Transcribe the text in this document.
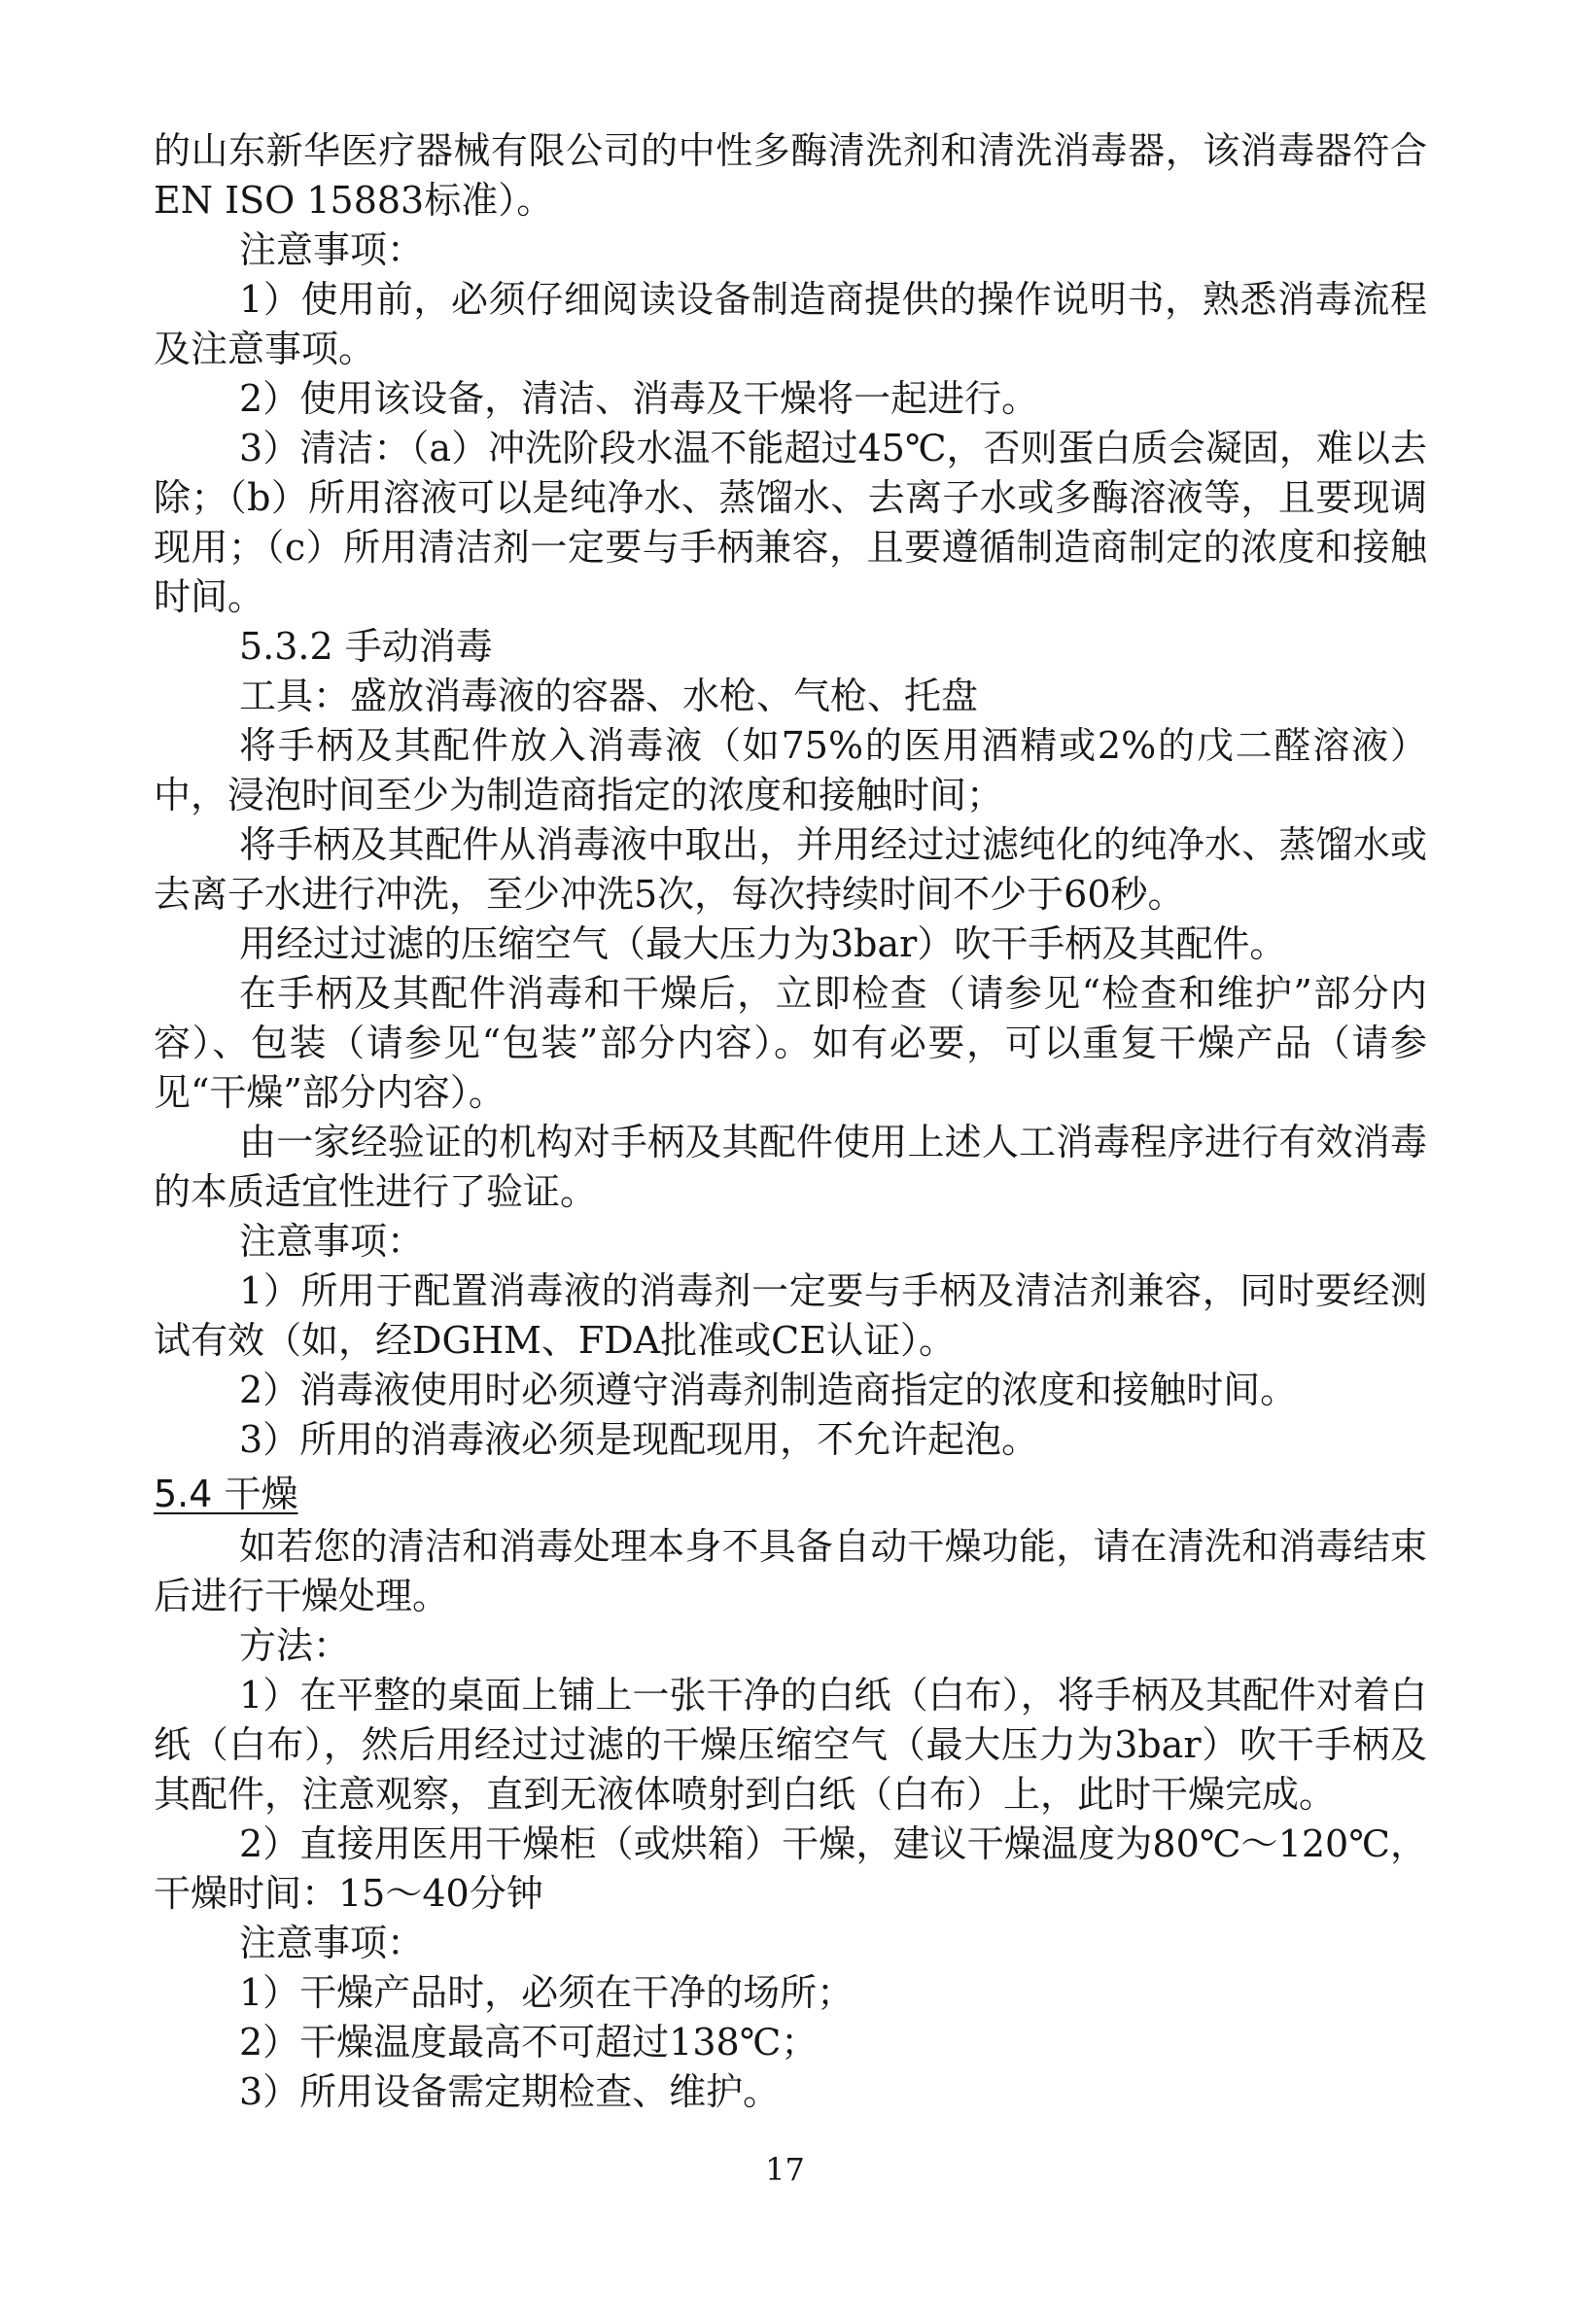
的山东新华医疗器械有限公司的中性多酶清洗剂和清洗消毒器，该消毒器符合EN ISO 15883标准）。

注意事项：

1）使用前，必须仔细阅读设备制造商提供的操作说明书，熟悉消毒流程及注意事项。

2）使用该设备，清洁、消毒及干燥将一起进行。

3）清洁：（a）冲洗阶段水温不能超过45℃，否则蛋白质会凝固，难以去除；（b）所用溶液可以是纯净水、蒸馏水、去离子水或多酶溶液等，且要现调现用；（c）所用清洁剂一定要与手柄兼容，且要遵循制造商制定的浓度和接触时间。

5.3.2 手动消毒

工具：盛放消毒液的容器、水枪、气枪、托盘

将手柄及其配件放入消毒液（如75%的医用酒精或2%的戊二醛溶液）中，浸泡时间至少为制造商指定的浓度和接触时间；

将手柄及其配件从消毒液中取出，并用经过过滤纯化的纯净水、蒸馏水或去离子水进行冲洗，至少冲洗5次，每次持续时间不少于60秒。

用经过过滤的压缩空气（最大压力为3bar）吹干手柄及其配件。

在手柄及其配件消毒和干燥后，立即检查（请参见“检查和维护”部分内容）、包装（请参见“包装”部分内容）。如有必要，可以重复干燥产品（请参见“干燥”部分内容）。

由一家经验证的机构对手柄及其配件使用上述人工消毒程序进行有效消毒的本质适宜性进行了验证。

注意事项：

1）所用于配置消毒液的消毒剂一定要与手柄及清洁剂兼容，同时要经测试有效（如，经DGHM、FDA批准或CE认证）。

2）消毒液使用时必须遵守消毒剂制造商指定的浓度和接触时间。

3）所用的消毒液必须是现配现用，不允许起泡。

5.4 干燥

如若您的清洁和消毒处理本身不具备自动干燥功能，请在清洗和消毒结束后进行干燥处理。

方法：

1）在平整的桌面上铺上一张干净的白纸（白布），将手柄及其配件对着白纸（白布），然后用经过过滤的干燥压缩空气（最大压力为3bar）吹干手柄及其配件，注意观察，直到无液体喷射到白纸（白布）上，此时干燥完成。

2）直接用医用干燥柜（或烘箱）干燥，建议干燥温度为80℃～120℃，干燥时间：15～40分钟

注意事项：

1）干燥产品时，必须在干净的场所；

2）干燥温度最高不可超过138℃；

3）所用设备需定期检查、维护。

17
